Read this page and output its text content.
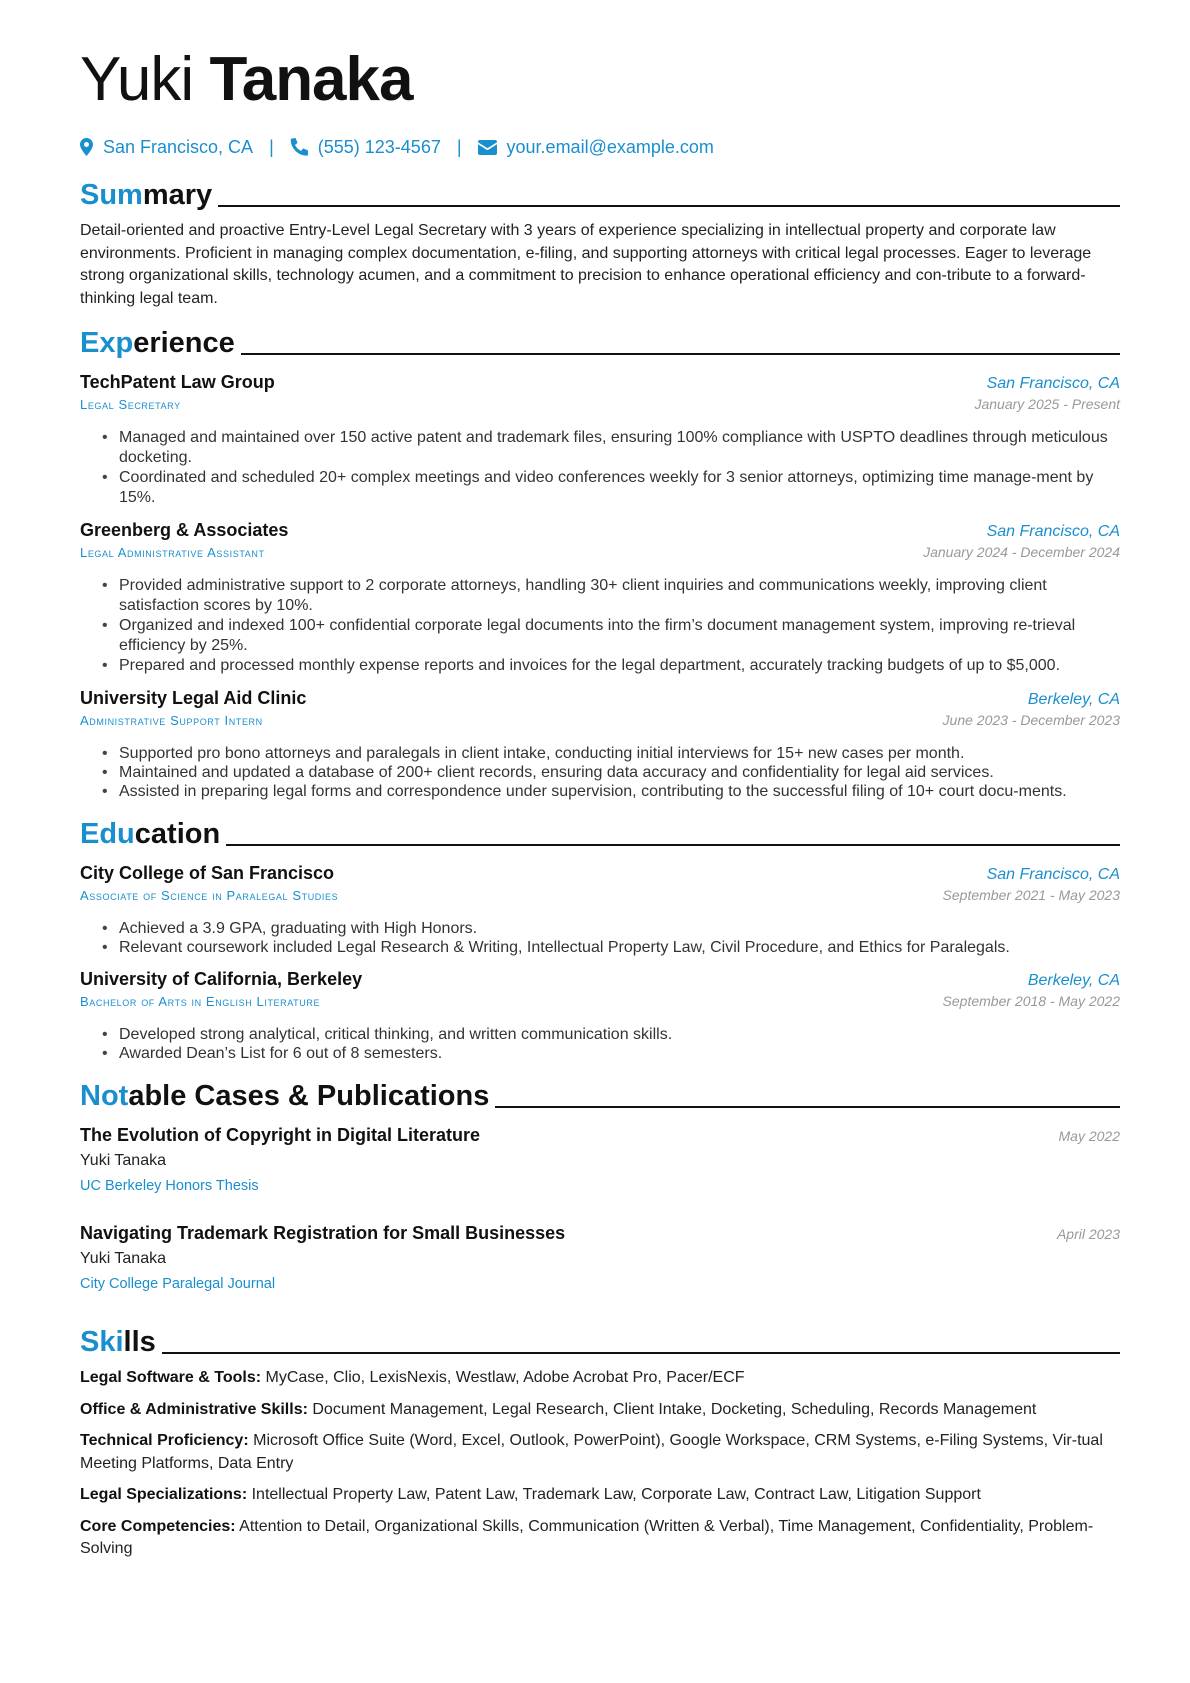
Yuki Tanaka
San Francisco, CA | (555) 123-4567 |	your.email@example.com
Summary

Detail-oriented and proactive Entry-Level Legal Secretary with 3 years of experience specializing in intellectual property and corporate law environments. Proficient in managing complex documentation, e-filing, and supporting attorneys with critical legal processes. Eager to leverage strong organizational skills, technology acumen, and a commitment to precision to enhance operational efficiency and con-tribute to a forward-thinking legal team.

Experience
TechPatent Law Group	San Francisco, CA
Legal Secretary	January 2025 - Present
• Managed and maintained over 150 active patent and trademark files, ensuring 100% compliance with USPTO deadlines through meticulous docketing.
• Coordinated and scheduled 20+ complex meetings and video conferences weekly for 3 senior attorneys, optimizing time manage-ment by 15%.
Greenberg & Associates	San Francisco, CA
Legal Administrative Assistant	January 2024 - December 2024
• Provided administrative support to 2 corporate attorneys, handling 30+ client inquiries and communications weekly, improving client satisfaction scores by 10%.
• Organized and indexed 100+ confidential corporate legal documents into the firm’s document management system, improving re-trieval efficiency by 25%.
• Prepared and processed monthly expense reports and invoices for the legal department, accurately tracking budgets of up to $5,000.
University Legal Aid Clinic	Berkeley, CA
Administrative Support Intern	June 2023 - December 2023
• Supported pro bono attorneys and paralegals in client intake, conducting initial interviews for 15+ new cases per month.
• Maintained and updated a database of 200+ client records, ensuring data accuracy and confidentiality for legal aid services.
• Assisted in preparing legal forms and correspondence under supervision, contributing to the successful filing of 10+ court docu-ments.
Education
City College of San Francisco	San Francisco, CA
Associate of Science in Paralegal Studies	September 2021 - May 2023
• Achieved a 3.9 GPA, graduating with High Honors.
• Relevant coursework included Legal Research & Writing, Intellectual Property Law, Civil Procedure, and Ethics for Paralegals.
University of California, Berkeley	Berkeley, CA
Bachelor of Arts in English Literature	September 2018 - May 2022
• Developed strong analytical, critical thinking, and written communication skills.
• Awarded Dean’s List for 6 out of 8 semesters.
Notable Cases & Publications
The Evolution of Copyright in Digital Literature	May 2022
Yuki Tanaka
UC Berkeley Honors Thesis
Navigating Trademark Registration for Small Businesses	April 2023
Yuki Tanaka
City College Paralegal Journal
Skills

Legal Software & Tools: MyCase, Clio, LexisNexis, Westlaw, Adobe Acrobat Pro, Pacer/ECF

Office & Administrative Skills: Document Management, Legal Research, Client Intake, Docketing, Scheduling, Records Management

Technical Proficiency: Microsoft Office Suite (Word, Excel, Outlook, PowerPoint), Google Workspace, CRM Systems, e-Filing Systems, Vir-tual Meeting Platforms, Data Entry

Legal Specializations: Intellectual Property Law, Patent Law, Trademark Law, Corporate Law, Contract Law, Litigation Support

Core Competencies: Attention to Detail, Organizational Skills, Communication (Written & Verbal), Time Management, Confidentiality, Problem-Solving
